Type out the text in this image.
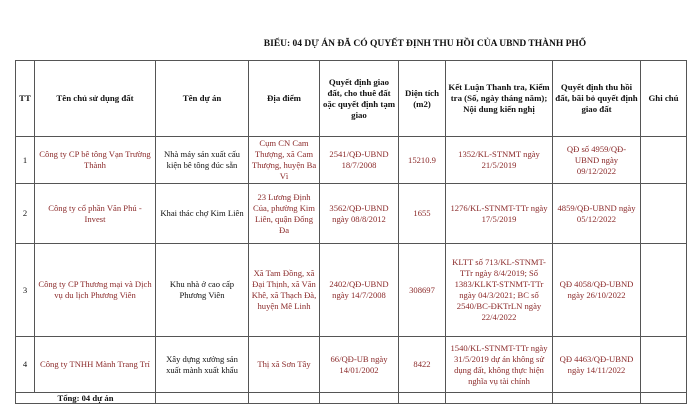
BIỂU: 04 DỰ ÁN ĐÃ CÓ QUYẾT ĐỊNH THU HỒI CỦA UBND THÀNH PHỐ
TT	Tên chủ sử dụng đất	Tên dự án	Địa điểm	Quyết định giao đất, cho thuê đất oặc quyết định tạm giao	Diện tích (m2)	Kết Luận Thanh tra, Kiểm tra (Số, ngày tháng năm); Nội dung kiến nghị	Quyết định thu hồi đất, bãi bỏ quyết định giao đất	Ghi chú
1	Công ty CP bê tông Vạn Trường Thành	Nhà máy sản xuất cấu kiện bê tông đúc sẵn	Cụm CN Cam Thượng, xã Cam Thượng, huyện Ba Vì	2541/QĐ-UBND 18/7/2008	15210.9	1352/KL-STNMT ngày 21/5/2019	QĐ số 4959/QĐ-UBND ngày 09/12/2022	
2	Công ty cổ phần Văn Phú - Invest	Khai thác chợ Kim Liên	23 Lương Định Của, phường Kim Liên, quận Đống Đa	3562/QĐ-UBND ngày 08/8/2012	1655	1276/KL-STNMT-TTr ngày 17/5/2019	4859/QĐ-UBND ngày 05/12/2022	
3	Công ty CP Thương mại và Dịch vụ du lịch Phương Viên	Khu nhà ở cao cấp Phương Viên	Xã Tam Đồng, xã Đại Thịnh, xã Văn Khê, xã Thạch Đà, huyện Mê Linh	2402/QĐ-UBND ngày 14/7/2008	308697	KLTT số 713/KL-STNMT-TTr ngày 8/4/2019; Số 1383/KLKT-STNMT-TTr ngày 04/3/2021; BC số 2540/BC-ĐKTrLN ngày 22/4/2022	QĐ 4058/QĐ-UBND ngày 26/10/2022	
4	Công ty TNHH Mành Trang Trí	Xây dựng xưởng sản xuất mành xuất khẩu	Thị xã Sơn Tây	66/QĐ-UB ngày 14/01/2002	8422	1540/KL-STNMT-TTr ngày 31/5/2019 dự án không sử dụng đất, không thực hiện nghĩa vụ tài chính	QĐ 4463/QĐ-UBND ngày 14/11/2022	
Tổng: 04 dự án								
